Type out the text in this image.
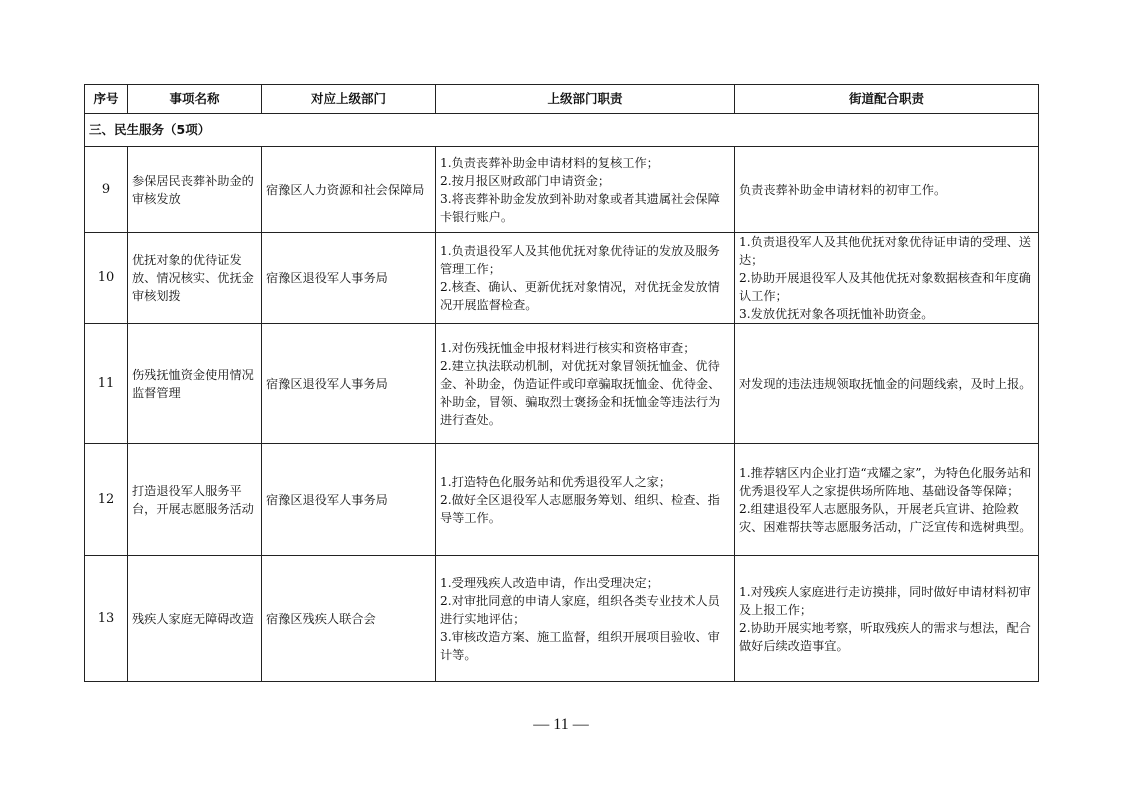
序号	事项名称	对应上级部门	上级部门职责	街道配合职责
三、民生服务（5项）				
9	参保居民丧葬补助金的审核发放	宿豫区人力资源和社会保障局	1.负责丧葬补助金申请材料的复核工作；
2.按月报区财政部门申请资金；
3.将丧葬补助金发放到补助对象或者其遗属社会保障卡银行账户。	负责丧葬补助金申请材料的初审工作。

10	优抚对象的优待证发放、情况核实、优抚金审核划拨	宿豫区退役军人事务局	1.负责退役军人及其他优抚对象优待证的发放及服务管理工作；
2.核查、确认、更新优抚对象情况，对优抚金发放情况开展监督检查。	1.负责退役军人及其他优抚对象优待证申请的受理、送达；
2.协助开展退役军人及其他优抚对象数据核查和年度确认工作；
3.发放优抚对象各项抚恤补助资金。

11	伤残抚恤资金使用情况监督管理	宿豫区退役军人事务局	1.对伤残抚恤金申报材料进行核实和资格审查；
2.建立执法联动机制，对优抚对象冒领抚恤金、优待金、补助金，伪造证件或印章骗取抚恤金、优待金、补助金，冒领、骗取烈士褒扬金和抚恤金等违法行为进行查处。	对发现的违法违规领取抚恤金的问题线索，及时上报。

12	打造退役军人服务平台，开展志愿服务活动	宿豫区退役军人事务局	1.打造特色化服务站和优秀退役军人之家；
2.做好全区退役军人志愿服务筹划、组织、检查、指导等工作。	1.推荐辖区内企业打造“戎耀之家”，为特色化服务站和优秀退役军人之家提供场所阵地、基础设备等保障；
2.组建退役军人志愿服务队，开展老兵宣讲、抢险救灾、困难帮扶等志愿服务活动，广泛宣传和选树典型。

13	残疾人家庭无障碍改造	宿豫区残疾人联合会	1.受理残疾人改造申请，作出受理决定；
2.对审批同意的申请人家庭，组织各类专业技术人员进行实地评估；
3.审核改造方案、施工监督，组织开展项目验收、审计等。	1.对残疾人家庭进行走访摸排，同时做好申请材料初审及上报工作；
2.协助开展实地考察，听取残疾人的需求与想法，配合做好后续改造事宜。
— 11 —
